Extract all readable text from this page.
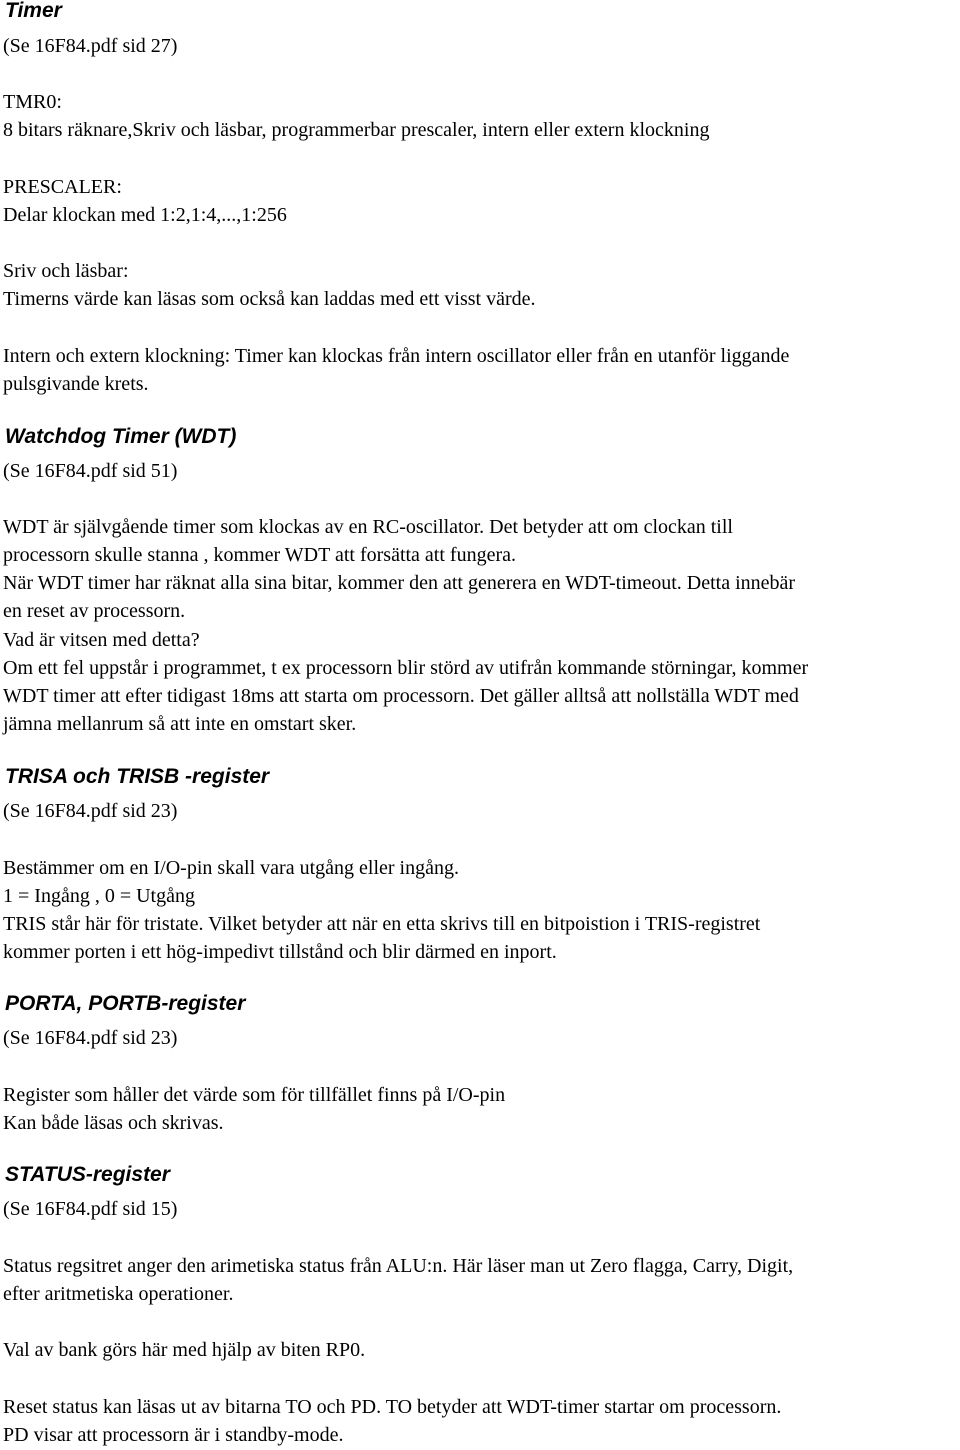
Timer
(Se 16F84.pdf sid 27)
TMR0:
8 bitars räknare,Skriv och läsbar, programmerbar prescaler, intern eller extern klockning
PRESCALER:
Delar klockan med 1:2,1:4,...,1:256
Sriv och läsbar:
Timerns värde kan läsas som också kan laddas med ett visst värde.
Intern och extern klockning: Timer kan klockas från intern oscillator eller från en utanför liggande
pulsgivande krets.
Watchdog Timer (WDT)
(Se 16F84.pdf sid 51)
WDT är självgående timer som klockas av en RC-oscillator. Det betyder att om clockan till
processorn skulle stanna , kommer WDT att forsätta att fungera.
När WDT timer har räknat alla sina bitar, kommer den att generera en WDT-timeout. Detta innebär
en reset av processorn.
Vad är vitsen med detta?
Om ett fel uppstår i programmet, t ex processorn blir störd av utifrån kommande störningar, kommer
WDT timer att efter tidigast 18ms att starta om processorn. Det gäller alltså att nollställa WDT med
jämna mellanrum så att inte en omstart sker.
TRISA och TRISB -register
(Se 16F84.pdf sid 23)
Bestämmer om en I/O-pin skall vara utgång eller ingång.
1 = Ingång , 0 = Utgång
TRIS står här för tristate. Vilket betyder att när en etta skrivs till en bitpoistion i TRIS-registret
kommer porten i ett hög-impedivt tillstånd och blir därmed en inport.
PORTA, PORTB-register
(Se 16F84.pdf sid 23)
Register som håller det värde som för tillfället finns på I/O-pin
Kan både läsas och skrivas.
STATUS-register
(Se 16F84.pdf sid 15)
Status regsitret anger den arimetiska status från ALU:n. Här läser man ut Zero flagga, Carry, Digit,
efter aritmetiska operationer.
Val av bank görs här med hjälp av biten RP0.
Reset status kan läsas ut av bitarna TO och PD. TO betyder att WDT-timer startar om processorn.
PD visar att processorn är i standby-mode.
